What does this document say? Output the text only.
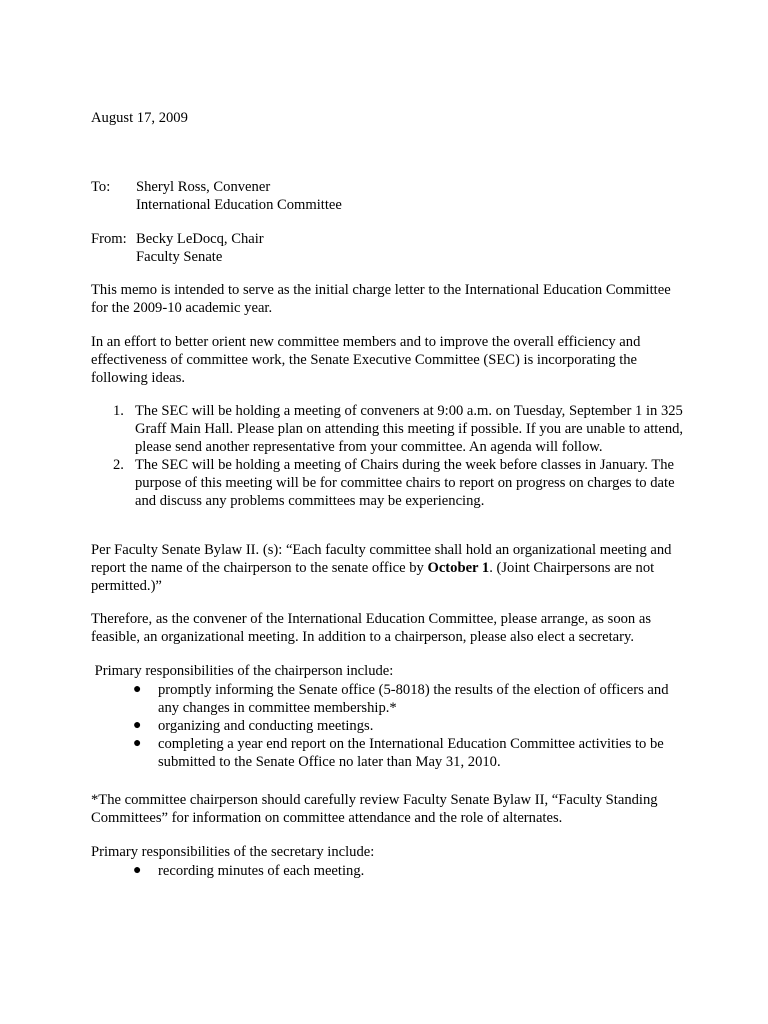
August 17, 2009
To: Sheryl Ross, Convener
International Education Committee
From: Becky LeDocq, Chair
Faculty Senate

This memo is intended to serve as the initial charge letter to the International Education Committee for the 2009-10 academic year.

In an effort to better orient new committee members and to improve the overall efficiency and effectiveness of committee work, the Senate Executive Committee (SEC) is incorporating the following ideas.

1. The SEC will be holding a meeting of conveners at 9:00 a.m. on Tuesday, September 1 in 325 Graff Main Hall. Please plan on attending this meeting if possible. If you are unable to attend, please send another representative from your committee. An agenda will follow.
2. The SEC will be holding a meeting of Chairs during the week before classes in January. The purpose of this meeting will be for committee chairs to report on progress on charges to date and discuss any problems committees may be experiencing.

Per Faculty Senate Bylaw II. (s): “Each faculty committee shall hold an organizational meeting and report the name of the chairperson to the senate office by October 1. (Joint Chairpersons are not permitted.)”

Therefore, as the convener of the International Education Committee, please arrange, as soon as feasible, an organizational meeting. In addition to a chairperson, please also elect a secretary.

Primary responsibilities of the chairperson include:
● promptly informing the Senate office (5-8018) the results of the election of officers and any changes in committee membership.*
● organizing and conducting meetings.
● completing a year end report on the International Education Committee activities to be submitted to the Senate Office no later than May 31, 2010.

*The committee chairperson should carefully review Faculty Senate Bylaw II, “Faculty Standing Committees” for information on committee attendance and the role of alternates.

Primary responsibilities of the secretary include:
● recording minutes of each meeting.
